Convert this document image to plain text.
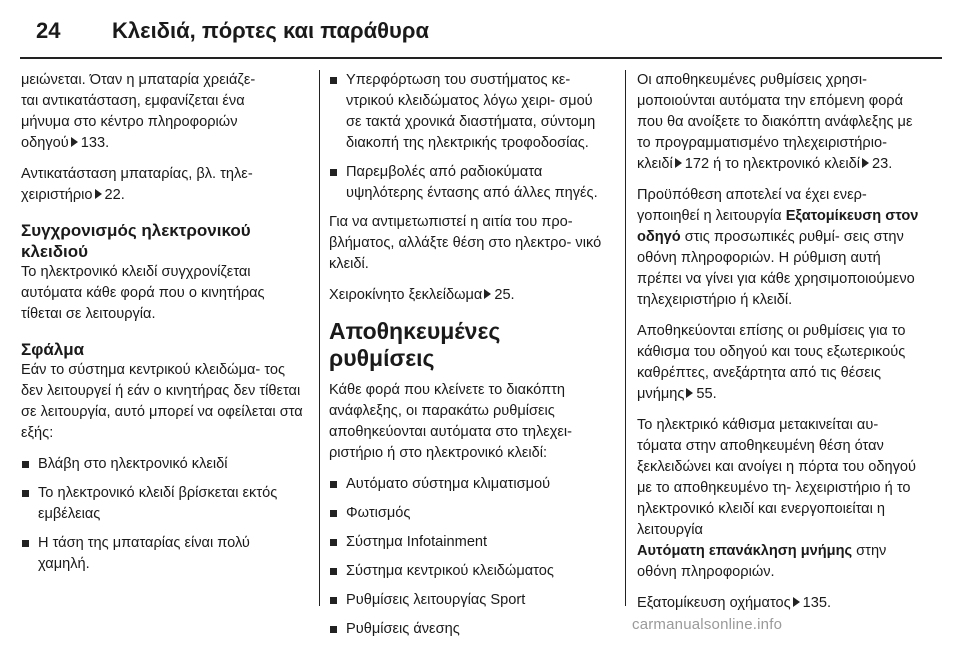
24 Κλειδιά, πόρτες και παράθυρα

μειώνεται. Όταν η μπαταρία χρειάζε-
ται αντικατάσταση, εμφανίζεται ένα
μήνυμα στο κέντρο πληροφοριών
οδηγού 133.

Αντικατάσταση μπαταρίας, βλ. τηλε-
χειριστήριο 22.

Συγχρονισμός ηλεκτρονικού κλειδιού

Το ηλεκτρονικό κλειδί συγχρονίζεται αυτόματα κάθε φορά που ο κινητήρας τίθεται σε λειτουργία.

Σφάλμα

Εάν το σύστημα κεντρικού κλειδώμα- τος δεν λειτουργεί ή εάν ο κινητήρας δεν τίθεται σε λειτουργία, αυτό μπορεί να οφείλεται στα εξής:

Βλάβη στο ηλεκτρονικό κλειδί
Το ηλεκτρονικό κλειδί βρίσκεται εκτός εμβέλειας
Η τάση της μπαταρίας είναι πολύ χαμηλή.
Υπερφόρτωση του συστήματος κε- ντρικού κλειδώματος λόγω χειρι- σμού σε τακτά χρονικά διαστήματα, σύντομη διακοπή της ηλεκτρικής τροφοδοσίας.
Παρεμβολές από ραδιοκύματα υψηλότερης έντασης από άλλες πηγές.

Για να αντιμετωπιστεί η αιτία του προ- βλήματος, αλλάξτε θέση στο ηλεκτρο- νικό κλειδί.

Χειροκίνητο ξεκλείδωμα 25.

Αποθηκευμένες ρυθμίσεις

Κάθε φορά που κλείνετε το διακόπτη ανάφλεξης, οι παρακάτω ρυθμίσεις αποθηκεύονται αυτόματα στο τηλεχει- ριστήριο ή στο ηλεκτρονικό κλειδί:

Αυτόματο σύστημα κλιματισμού
Φωτισμός
Σύστημα Infotainment
Σύστημα κεντρικού κλειδώματος
Ρυθμίσεις λειτουργίας Sport
Ρυθμίσεις άνεσης

Οι αποθηκευμένες ρυθμίσεις χρησι- μοποιούνται αυτόματα την επόμενη φορά που θα ανοίξετε το διακόπτη ανάφλεξης με το προγραμματισμένο τηλεχειριστήριο- κλειδί 172 ή το ηλεκτρονικό κλειδί 23.

Προϋπόθεση αποτελεί να έχει ενερ- γοποιηθεί η λειτουργία Εξατομίκευση στον οδηγό στις προσωπικές ρυθμί- σεις στην οθόνη πληροφοριών. Η ρύθμιση αυτή πρέπει να γίνει για κάθε χρησιμοποιούμενο τηλεχειριστήριο ή κλειδί.

Αποθηκεύονται επίσης οι ρυθμίσεις για το κάθισμα του οδηγού και τους εξωτερικούς καθρέπτες, ανεξάρτητα από τις θέσεις μνήμης 55.

Το ηλεκτρικό κάθισμα μετακινείται αυ- τόματα στην αποθηκευμένη θέση όταν ξεκλειδώνει και ανοίγει η πόρτα του οδηγού με το αποθηκευμένο τη- λεχειριστήριο ή το ηλεκτρονικό κλειδί και ενεργοποιείται η λειτουργία
Αυτόματη επανάκληση μνήμης στην οθόνη πληροφοριών.

Εξατομίκευση οχήματος 135.

carmanualsonline.info
